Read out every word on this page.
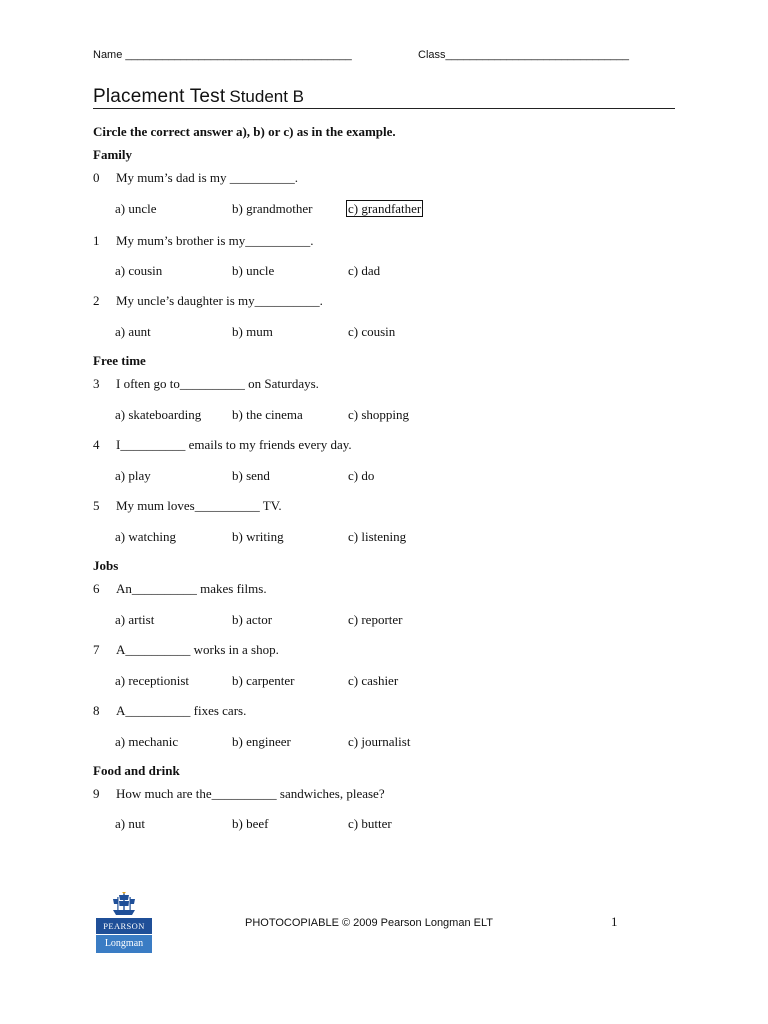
Name _____________________________________	Class______________________________
Placement Test Student B
Circle the correct answer a), b) or c) as in the example.
Family
0 My mum’s dad is my __________.
a) uncle	b) grandmother	c) grandfather
1 My mum’s brother is my__________.
a) cousin	b) uncle	c) dad
2 My uncle’s daughter is my__________.
a) aunt	b) mum	c) cousin
Free time
3 I often go to__________ on Saturdays.
a) skateboarding b) the cinema	c) shopping
4 I__________ emails to my friends every day.
a) play	b) send	c) do
5 My mum loves__________ TV.
a) watching	b) writing	c) listening
Jobs
6 An__________ makes films.
a) artist	b) actor	c) reporter
7 A__________ works in a shop.
a) receptionist	b) carpenter	c) cashier
8 A__________ fixes cars.
a) mechanic	b) engineer	c) journalist
Food and drink
9 How much are the__________ sandwiches, please?
a) nut	b) beef	c) butter
PEARSON
Longman
PHOTOCOPIABLE © 2009 Pearson Longman ELT	1
